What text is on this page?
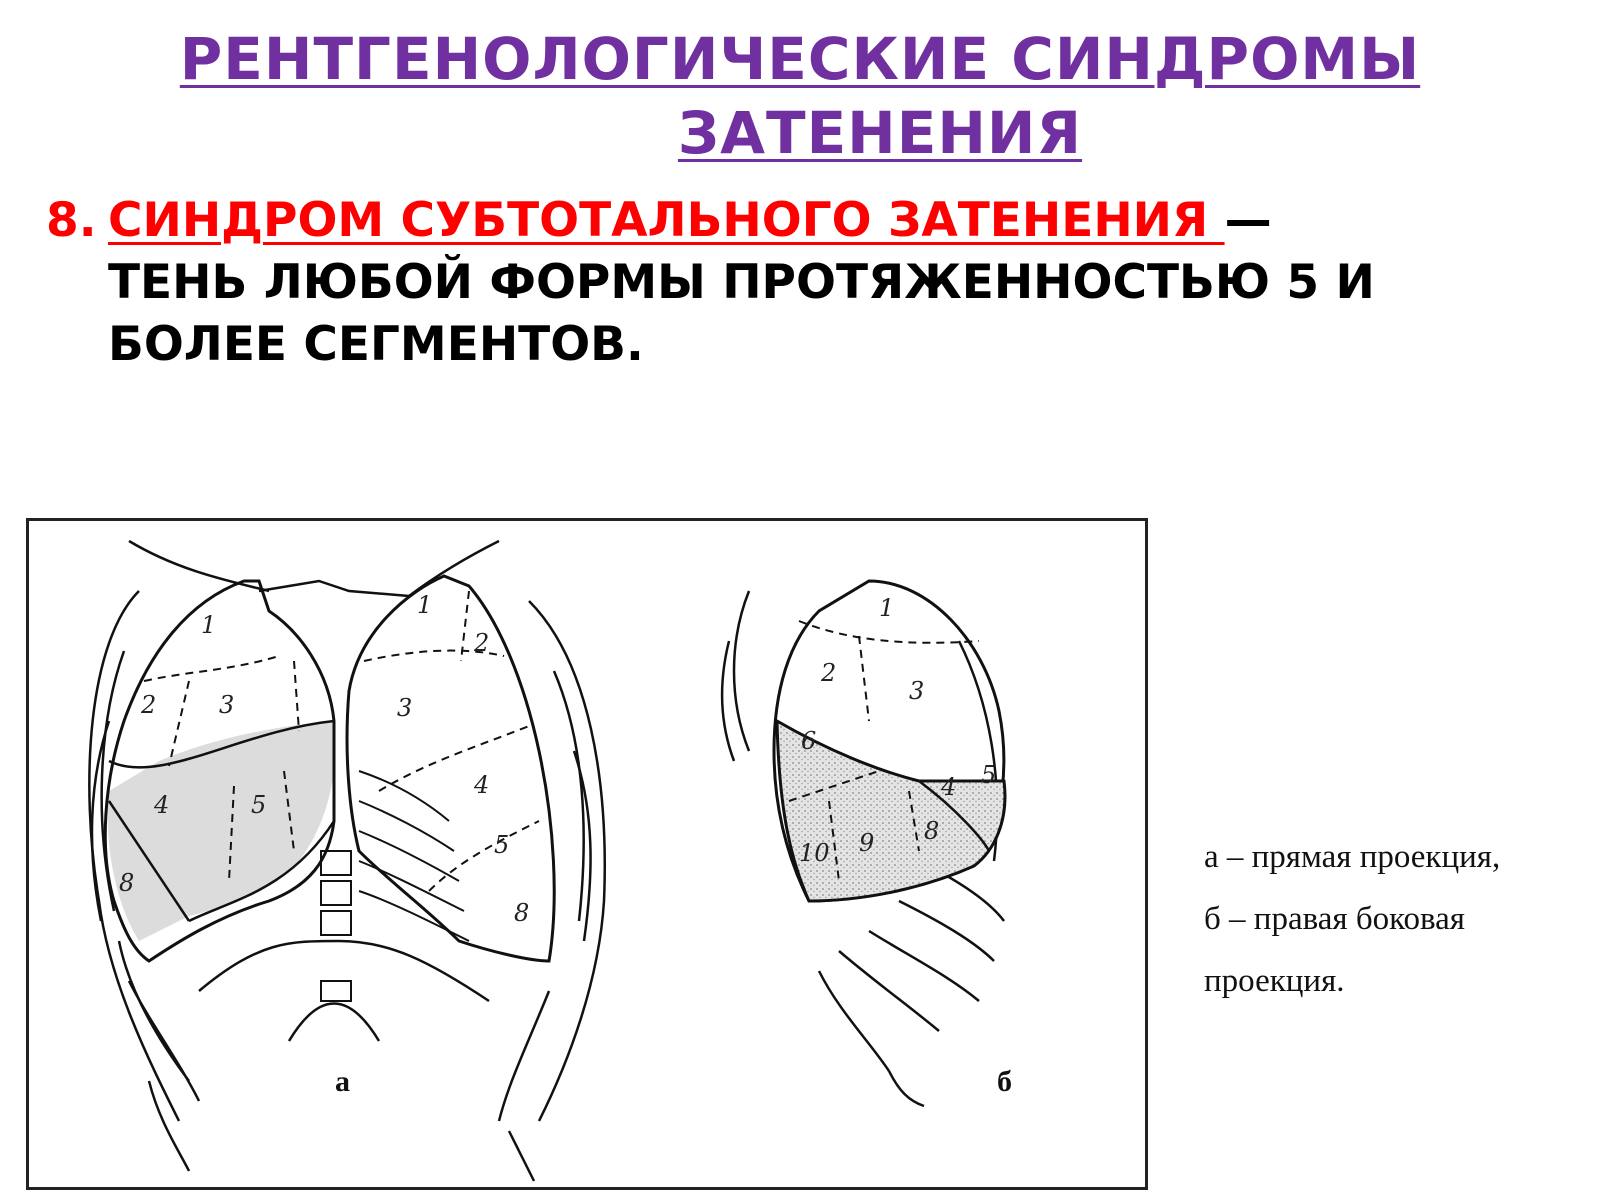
РЕНТГЕНОЛОГИЧЕСКИЕ СИНДРОМЫ
ЗАТЕНЕНИЯ
8. СИНДРОМ СУБТОТАЛЬНОГО ЗАТЕНЕНИЯ —
ТЕНЬ ЛЮБОЙ ФОРМЫ ПРОТЯЖЕННОСТЬЮ 5 И
БОЛЕЕ СЕГМЕНТОВ.
1
2	3
4	5
8
1
2
3
4
5
8
а
1
2
3
6
4 5
8
9
10
б
а – прямая проекция,
б – правая боковая
проекция.
